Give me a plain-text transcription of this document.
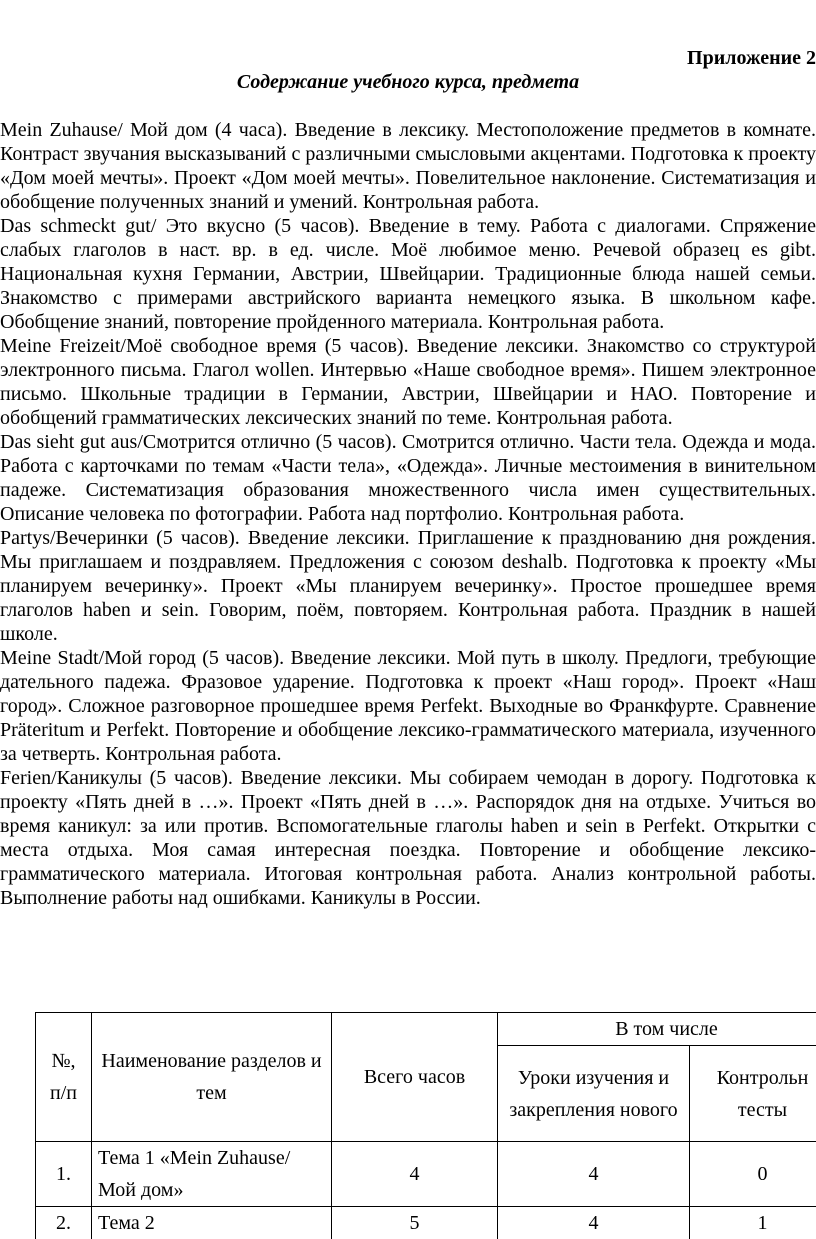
Приложение 2
Содержание учебного курса, предмета

Mein Zuhause/ Мой дом (4 часа). Введение в лексику. Местоположение предметов в комнате. Контраст звучания высказываний с различными смысловыми акцентами. Подготовка к проекту «Дом моей мечты». Проект «Дом моей мечты». Повелительное наклонение. Систематизация и обобщение полученных знаний и умений. Контрольная работа.

Das schmeckt gut/ Это вкусно (5 часов). Введение в тему. Работа с диалогами. Спряжение слабых глаголов в наст. вр. в ед. числе. Моё любимое меню. Речевой образец es gibt. Национальная кухня Германии, Австрии, Швейцарии. Традиционные блюда нашей семьи. Знакомство с примерами австрийского варианта немецкого языка. В школьном кафе. Обобщение знаний, повторение пройденного материала. Контрольная работа.

Meine Freizeit/Моё свободное время (5 часов). Введение лексики. Знакомство со структурой электронного письма. Глагол wollen. Интервью «Наше свободное время». Пишем электронное письмо. Школьные традиции в Германии, Австрии, Швейцарии и НАО. Повторение и обобщений грамматических лексических знаний по теме. Контрольная работа.

Das sieht gut aus/Смотрится отлично (5 часов). Смотрится отлично. Части тела. Одежда и мода. Работа с карточками по темам «Части тела», «Одежда». Личные местоимения в винительном падеже. Систематизация образования множественного числа имен существительных. Описание человека по фотографии. Работа над портфолио. Контрольная работа.

Partys/Вечеринки (5 часов). Введение лексики. Приглашение к празднованию дня рождения. Мы приглашаем и поздравляем. Предложения с союзом deshalb. Подготовка к проекту «Мы планируем вечеринку». Проект «Мы планируем вечеринку». Простое прошедшее время глаголов haben и sein. Говорим, поём, повторяем. Контрольная работа. Праздник в нашей школе.

Meine Stadt/Мой город (5 часов). Введение лексики. Мой путь в школу. Предлоги, требующие дательного падежа. Фразовое ударение. Подготовка к проект «Наш город». Проект «Наш город». Сложное разговорное прошедшее время Perfekt. Выходные во Франкфурте. Сравнение Präteritum и Perfekt. Повторение и обобщение лексико-грамматического материала, изученного за четверть. Контрольная работа.

Ferien/Каникулы (5 часов). Введение лексики. Мы собираем чемодан в дорогу. Подготовка к проекту «Пять дней в …». Проект «Пять дней в …». Распорядок дня на отдыхе. Учиться во время каникул: за или против. Вспомогательные глаголы haben и sein в Perfekt. Открытки с места отдыха. Моя самая интересная поездка. Повторение и обобщение лексико-грамматического материала. Итоговая контрольная работа. Анализ контрольной работы. Выполнение работы над ошибками. Каникулы в России.

№, п/п	Наименование разделов и тем	Всего часов	В том числе	
			Уроки изучения и закрепления нового	Контрольн тесты
1.	Тема 1 «Mein Zuhause/ Мой дом»	4	4	0
2.	Тема 2	5	4	1
